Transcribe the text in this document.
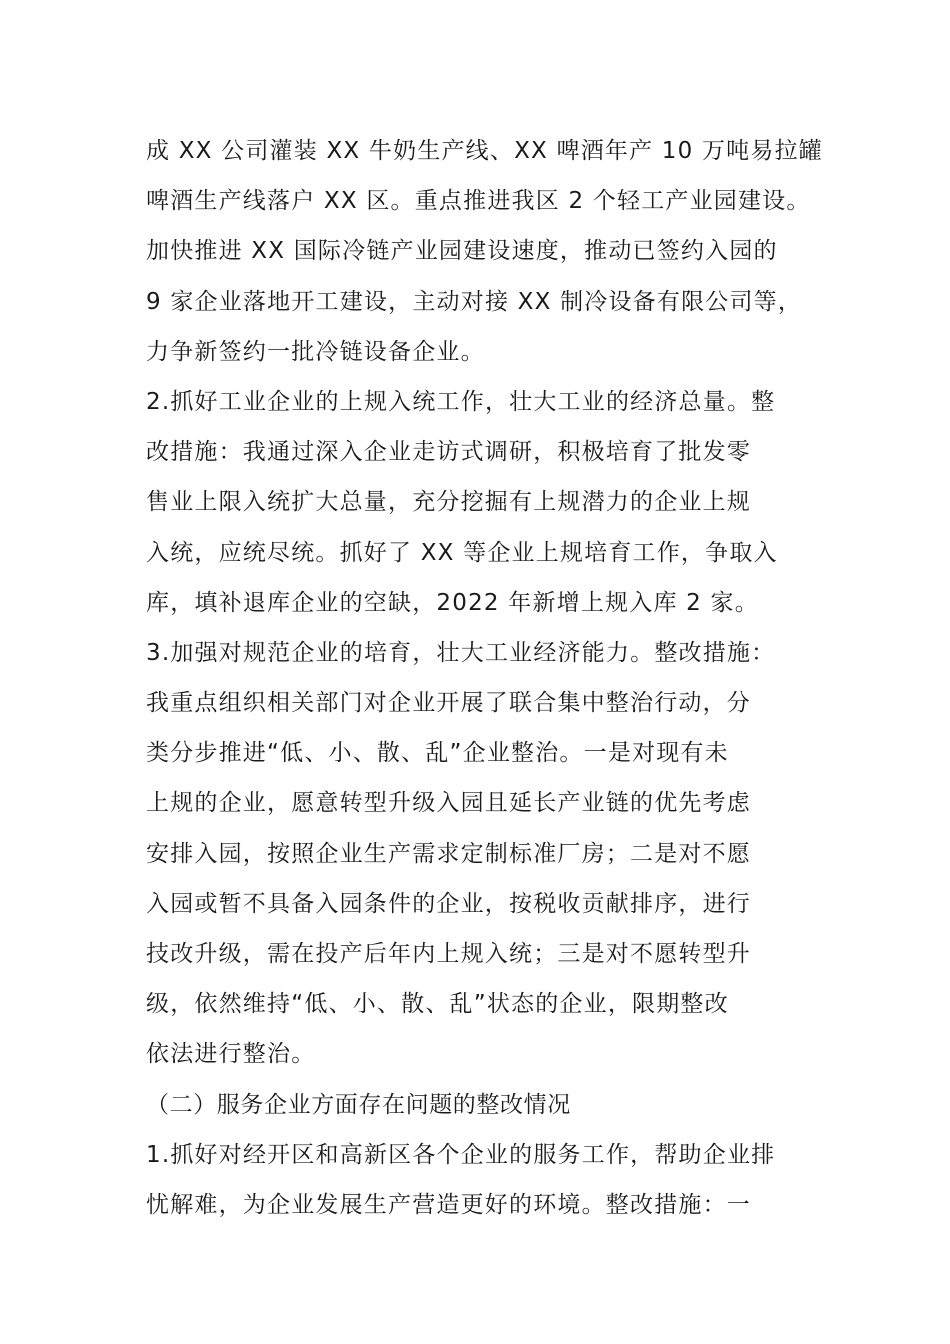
成 XX 公司灌装 XX 牛奶生产线、XX 啤酒年产 10 万吨易拉罐
啤酒生产线落户 XX 区。重点推进我区 2 个轻工产业园建设。
加快推进 XX 国际冷链产业园建设速度，推动已签约入园的
9 家企业落地开工建设，主动对接 XX 制冷设备有限公司等，
力争新签约一批冷链设备企业。
2.抓好工业企业的上规入统工作，壮大工业的经济总量。整
改措施：我通过深入企业走访式调研，积极培育了批发零
售业上限入统扩大总量，充分挖掘有上规潜力的企业上规
入统，应统尽统。抓好了 XX 等企业上规培育工作，争取入
库，填补退库企业的空缺，2022 年新增上规入库 2 家。
3.加强对规范企业的培育，壮大工业经济能力。整改措施：
我重点组织相关部门对企业开展了联合集中整治行动，分
类分步推进“低、小、散、乱”企业整治。一是对现有未
上规的企业，愿意转型升级入园且延长产业链的优先考虑
安排入园，按照企业生产需求定制标准厂房；二是对不愿
入园或暂不具备入园条件的企业，按税收贡献排序，进行
技改升级，需在投产后年内上规入统；三是对不愿转型升
级，依然维持“低、小、散、乱”状态的企业，限期整改
依法进行整治。
（二）服务企业方面存在问题的整改情况
1.抓好对经开区和高新区各个企业的服务工作，帮助企业排
忧解难，为企业发展生产营造更好的环境。整改措施：一
